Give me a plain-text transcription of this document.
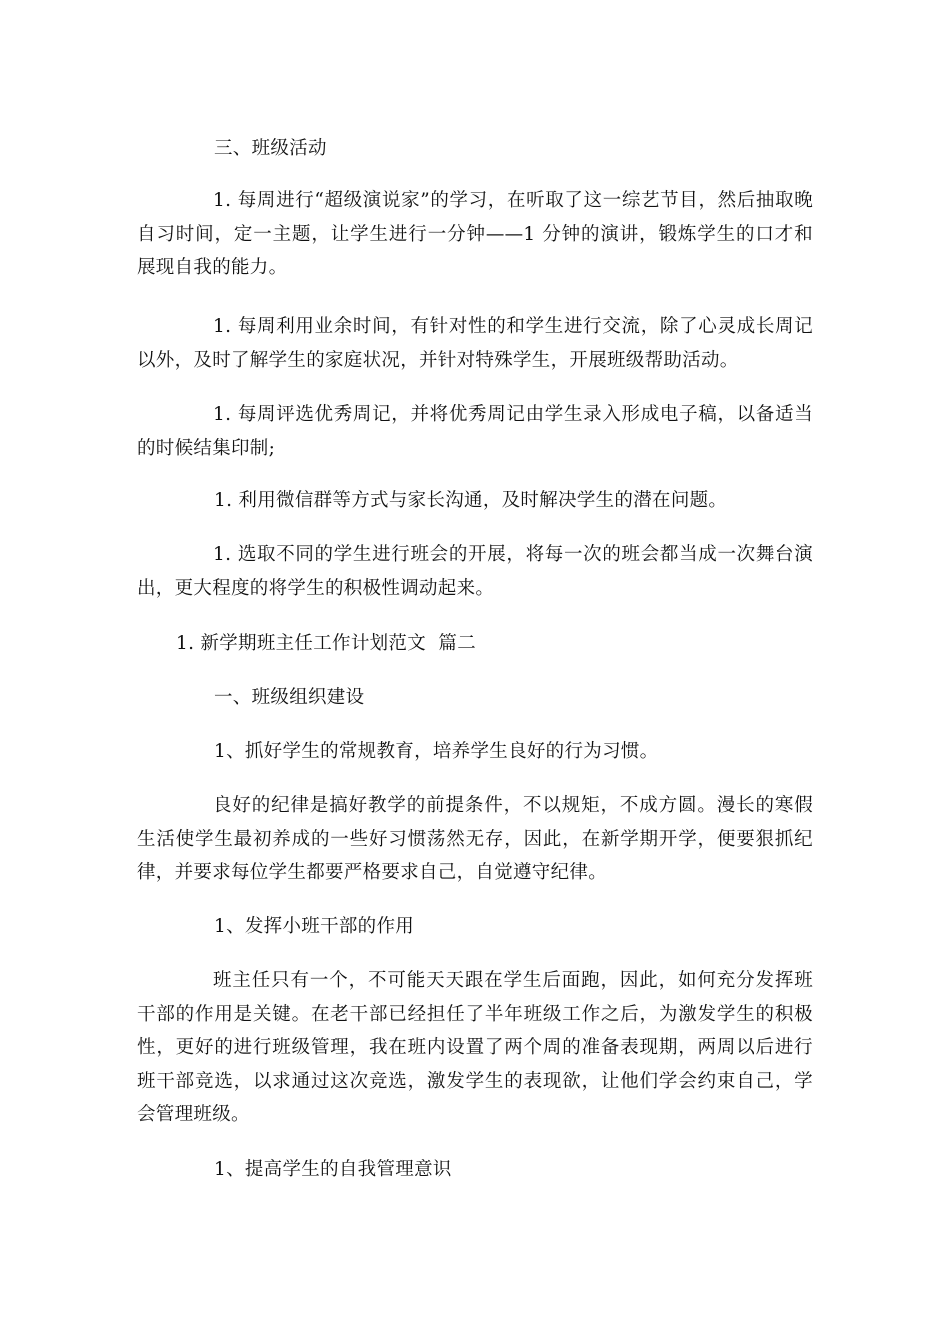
三、班级活动
1. 每周进行“超级演说家”的学习，在听取了这一综艺节目，然后抽取晚自习时间，定一主题，让学生进行一分钟——1 分钟的演讲，锻炼学生的口才和展现自我的能力。
1. 每周利用业余时间，有针对性的和学生进行交流，除了心灵成长周记以外，及时了解学生的家庭状况，并针对特殊学生，开展班级帮助活动。
1. 每周评选优秀周记，并将优秀周记由学生录入形成电子稿，以备适当的时候结集印制;
1. 利用微信群等方式与家长沟通，及时解决学生的潜在问题。
1. 选取不同的学生进行班会的开展，将每一次的班会都当成一次舞台演出，更大程度的将学生的积极性调动起来。
1. 新学期班主任工作计划范文  篇二
一、班级组织建设
1、抓好学生的常规教育，培养学生良好的行为习惯。
良好的纪律是搞好教学的前提条件，不以规矩，不成方圆。漫长的寒假生活使学生最初养成的一些好习惯荡然无存，因此，在新学期开学，便要狠抓纪律，并要求每位学生都要严格要求自己，自觉遵守纪律。
1、发挥小班干部的作用
班主任只有一个，不可能天天跟在学生后面跑，因此，如何充分发挥班干部的作用是关键。在老干部已经担任了半年班级工作之后，为激发学生的积极性，更好的进行班级管理，我在班内设置了两个周的准备表现期，两周以后进行班干部竞选，以求通过这次竞选，激发学生的表现欲，让他们学会约束自己，学会管理班级。
1、提高学生的自我管理意识
